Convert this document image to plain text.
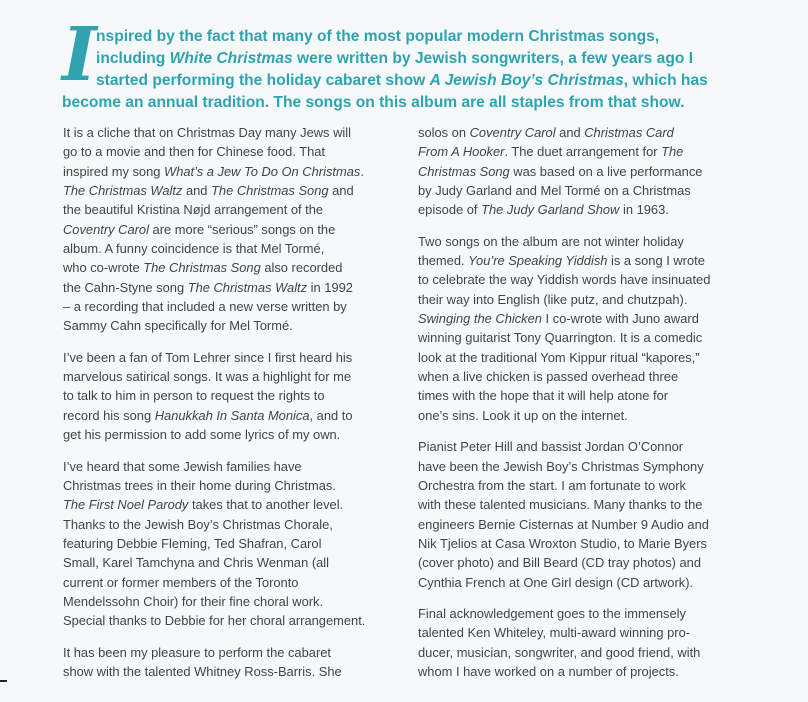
I nspired by the fact that many of the most popular modern Christmas songs,
including White Christmas were written by Jewish songwriters, a few years ago I
started performing the holiday cabaret show A Jewish Boy’s Christmas, which has
become an annual tradition. The songs on this album are all staples from that show.

It is a cliche that on Christmas Day many Jews will
go to a movie and then for Chinese food. That
inspired my song What’s a Jew To Do On Christmas.
The Christmas Waltz and The Christmas Song and
the beautiful Kristina Nøjd arrangement of the
Coventry Carol are more “serious” songs on the
album. A funny coincidence is that Mel Tormé,
who co-wrote The Christmas Song also recorded
the Cahn-Styne song The Christmas Waltz in 1992
– a recording that included a new verse written by
Sammy Cahn specifically for Mel Tormé.

I’ve been a fan of Tom Lehrer since I first heard his
marvelous satirical songs. It was a highlight for me
to talk to him in person to request the rights to
record his song Hanukkah In Santa Monica, and to
get his permission to add some lyrics of my own.

I’ve heard that some Jewish families have
Christmas trees in their home during Christmas.
The First Noel Parody takes that to another level.
Thanks to the Jewish Boy’s Christmas Chorale,
featuring Debbie Fleming, Ted Shafran, Carol
Small, Karel Tamchyna and Chris Wenman (all
current or former members of the Toronto
Mendelssohn Choir) for their fine choral work.
Special thanks to Debbie for her choral arrangement.

It has been my pleasure to perform the cabaret
show with the talented Whitney Ross-Barris. She

solos on Coventry Carol and Christmas Card
From A Hooker. The duet arrangement for The
Christmas Song was based on a live performance
by Judy Garland and Mel Tormé on a Christmas
episode of The Judy Garland Show in 1963.

Two songs on the album are not winter holiday
themed. You’re Speaking Yiddish is a song I wrote
to celebrate the way Yiddish words have insinuated
their way into English (like putz, and chutzpah).
Swinging the Chicken I co-wrote with Juno award
winning guitarist Tony Quarrington. It is a comedic
look at the traditional Yom Kippur ritual “kapores,”
when a live chicken is passed overhead three
times with the hope that it will help atone for
one’s sins. Look it up on the internet.

Pianist Peter Hill and bassist Jordan O’Connor
have been the Jewish Boy’s Christmas Symphony
Orchestra from the start. I am fortunate to work
with these talented musicians. Many thanks to the
engineers Bernie Cisternas at Number 9 Audio and
Nik Tjelios at Casa Wroxton Studio, to Marie Byers
(cover photo) and Bill Beard (CD tray photos) and
Cynthia French at One Girl design (CD artwork).

Final acknowledgement goes to the immensely
talented Ken Whiteley, multi-award winning pro-
ducer, musician, songwriter, and good friend, with
whom I have worked on a number of projects.
